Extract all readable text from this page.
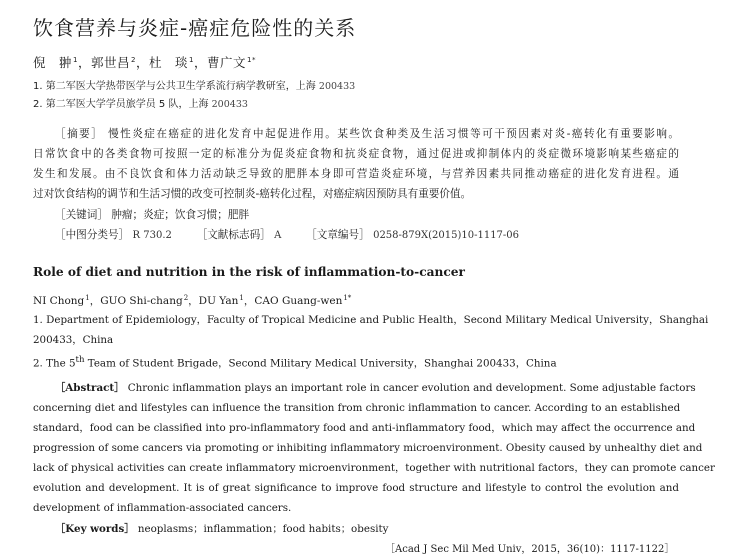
饮食营养与炎症-癌症危险性的关系
倪　翀$^1$，郭世昌$^2$，杜　琰$^1$，曹广文$^{1*}$
1. 第二军医大学热带医学与公共卫生学系流行病学教研室，上海 200433
2. 第二军医大学学员旅学员 5 队，上海 200433
［摘要］ 慢性炎症在癌症的进化发育中起促进作用。某些饮食种类及生活习惯等可干预因素对炎-癌转化有重要影响。
日常饮食中的各类食物可按照一定的标准分为促炎症食物和抗炎症食物，通过促进或抑制体内的炎症微环境影响某些癌症的
发生和发展。由不良饮食和体力活动缺乏导致的肥胖本身即可营造炎症环境，与营养因素共同推动癌症的进化发育进程。通
过对饮食结构的调节和生活习惯的改变可控制炎-癌转化过程，对癌症病因预防具有重要价值。
［关键词］ 肿瘤；炎症；饮食习惯；肥胖
［中图分类号］ R 730.2 ［文献标志码］ A ［文章编号］ 0258-879X(2015)10-1117-06
Role of diet and nutrition in the risk of inflammation-to-cancer
NI Chong$^1$，GUO Shi-chang$^2$，DU Yan$^1$，CAO Guang-wen$^{1*}$
1. Department of Epidemiology，Faculty of Tropical Medicine and Public Health，Second Military Medical University，Shanghai
200433，China
2. The 5th Team of Student Brigade，Second Military Medical University，Shanghai 200433，China
［Abstract］ Chronic inflammation plays an important role in cancer evolution and development. Some adjustable factors
concerning diet and lifestyles can influence the transition from chronic inflammation to cancer. According to an established
standard，food can be classified into pro-inflammatory food and anti-inflammatory food，which may affect the occurrence and
progression of some cancers via promoting or inhibiting inflammatory microenvironment. Obesity caused by unhealthy diet and
lack of physical activities can create inflammatory microenvironment，together with nutritional factors，they can promote cancer
evolution and development. It is of great significance to improve food structure and lifestyle to control the evolution and
development of inflammation-associated cancers.
［Key words］ neoplasms；inflammation；food habits；obesity
［Acad J Sec Mil Med Univ，2015，36(10)：1117-1122］
